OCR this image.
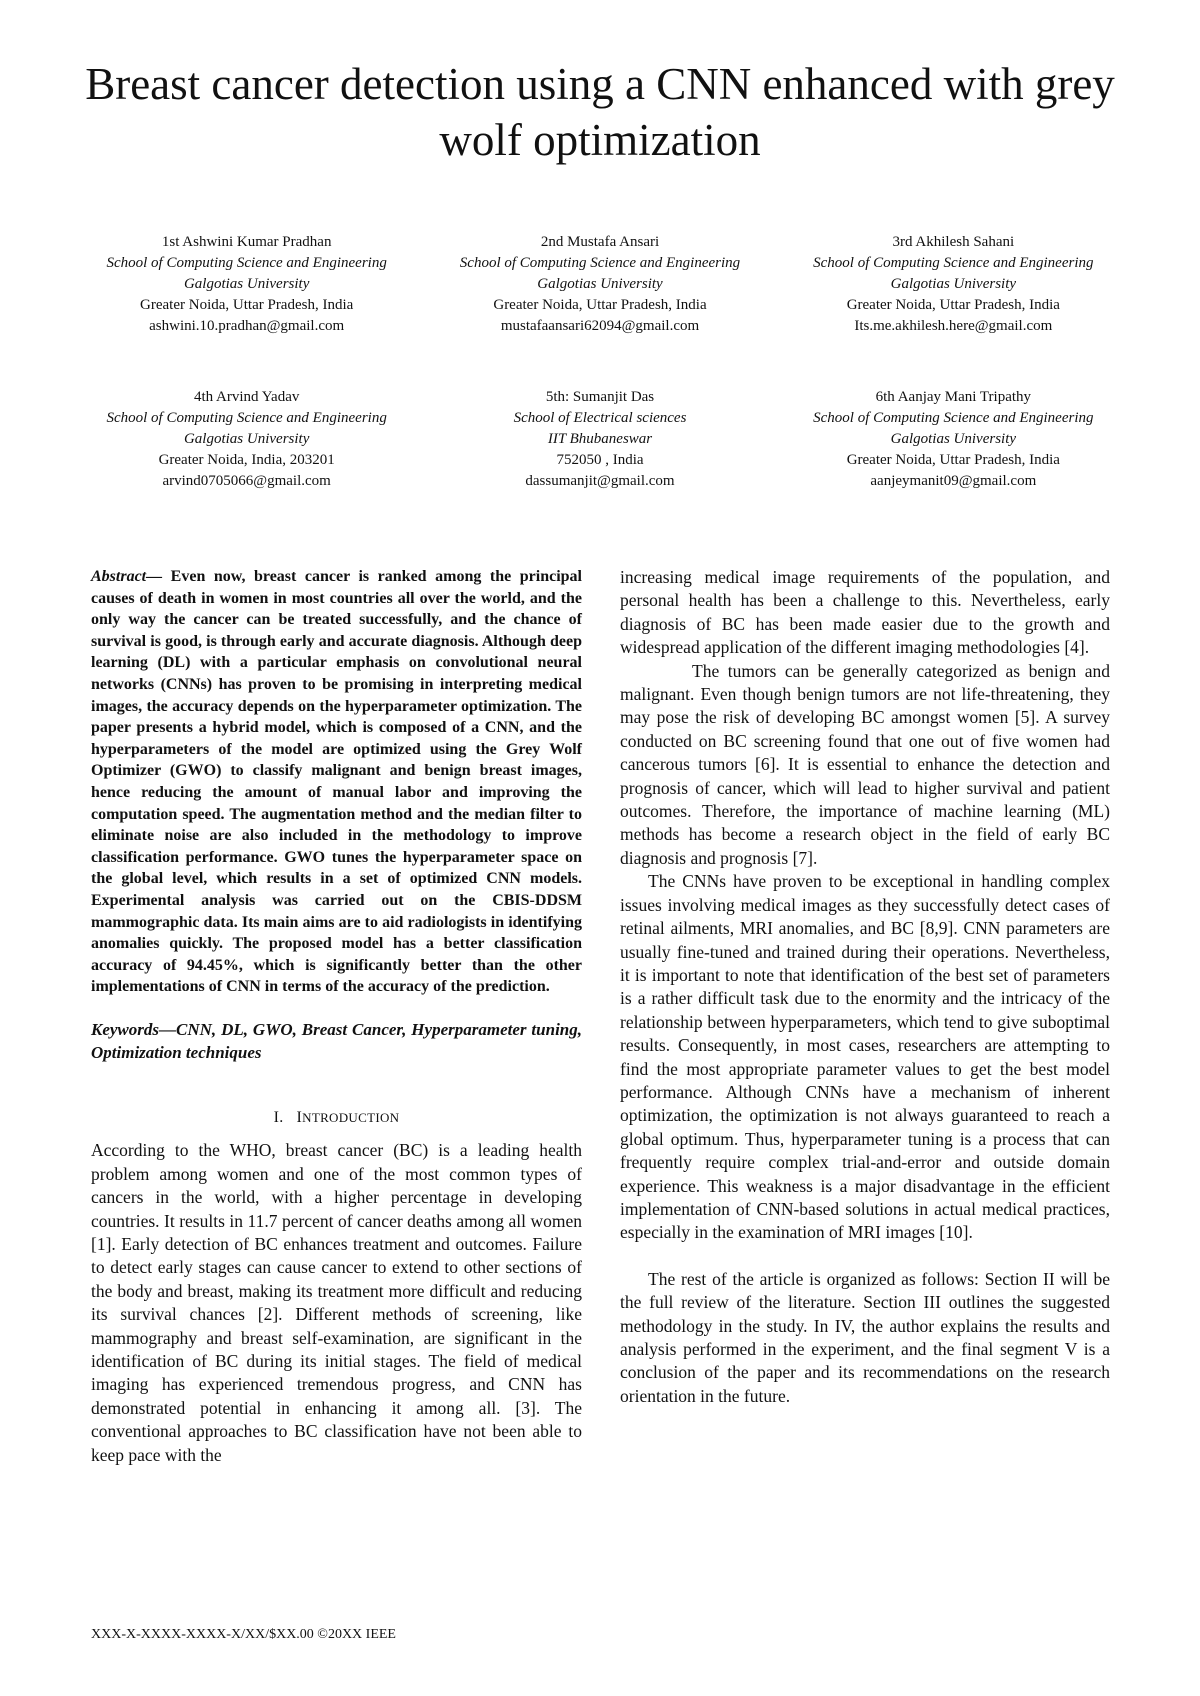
Breast cancer detection using a CNN enhanced with grey wolf optimization
1st Ashwini Kumar Pradhan
School of Computing Science and Engineering
Galgotias University
Greater Noida, Uttar Pradesh, India
ashwini.10.pradhan@gmail.com
2nd Mustafa Ansari
School of Computing Science and Engineering
Galgotias University
Greater Noida, Uttar Pradesh, India
mustafaansari62094@gmail.com
3rd Akhilesh Sahani
School of Computing Science and Engineering
Galgotias University
Greater Noida, Uttar Pradesh, India
Its.me.akhilesh.here@gmail.com
4th Arvind Yadav
School of Computing Science and Engineering
Galgotias University
Greater Noida, India, 203201
arvind0705066@gmail.com
5th: Sumanjit Das
School of Electrical sciences
IIT Bhubaneswar
752050 , India
dassumanjit@gmail.com
6th Aanjay Mani Tripathy
School of Computing Science and Engineering
Galgotias University
Greater Noida, Uttar Pradesh, India
aanjeymanit09@gmail.com

Abstract— Even now, breast cancer is ranked among the principal causes of death in women in most countries all over the world, and the only way the cancer can be treated successfully, and the chance of survival is good, is through early and accurate diagnosis. Although deep learning (DL) with a particular emphasis on convolutional neural networks (CNNs) has proven to be promising in interpreting medical images, the accuracy depends on the hyperparameter optimization. The paper presents a hybrid model, which is composed of a CNN, and the hyperparameters of the model are optimized using the Grey Wolf Optimizer (GWO) to classify malignant and benign breast images, hence reducing the amount of manual labor and improving the computation speed. The augmentation method and the median filter to eliminate noise are also included in the methodology to improve classification performance. GWO tunes the hyperparameter space on the global level, which results in a set of optimized CNN models. Experimental analysis was carried out on the CBIS-DDSM mammographic data. Its main aims are to aid radiologists in identifying anomalies quickly. The proposed model has a better classification accuracy of 94.45%, which is significantly better than the other implementations of CNN in terms of the accuracy of the prediction.

Keywords—CNN, DL, GWO, Breast Cancer, Hyperparameter tuning, Optimization techniques

I. INTRODUCTION

According to the WHO, breast cancer (BC) is a leading health problem among women and one of the most common types of cancers in the world, with a higher percentage in developing countries. It results in 11.7 percent of cancer deaths among all women [1]. Early detection of BC enhances treatment and outcomes. Failure to detect early stages can cause cancer to extend to other sections of the body and breast, making its treatment more difficult and reducing its survival chances [2]. Different methods of screening, like mammography and breast self-examination, are significant in the identification of BC during its initial stages. The field of medical imaging has experienced tremendous progress, and CNN has demonstrated potential in enhancing it among all. [3]. The conventional approaches to BC classification have not been able to keep pace with the

increasing medical image requirements of the population, and personal health has been a challenge to this. Nevertheless, early diagnosis of BC has been made easier due to the growth and widespread application of the different imaging methodologies [4].

The tumors can be generally categorized as benign and malignant. Even though benign tumors are not life-threatening, they may pose the risk of developing BC amongst women [5]. A survey conducted on BC screening found that one out of five women had cancerous tumors [6]. It is essential to enhance the detection and prognosis of cancer, which will lead to higher survival and patient outcomes. Therefore, the importance of machine learning (ML) methods has become a research object in the field of early BC diagnosis and prognosis [7].

The CNNs have proven to be exceptional in handling complex issues involving medical images as they successfully detect cases of retinal ailments, MRI anomalies, and BC [8,9]. CNN parameters are usually fine-tuned and trained during their operations. Nevertheless, it is important to note that identification of the best set of parameters is a rather difficult task due to the enormity and the intricacy of the relationship between hyperparameters, which tend to give suboptimal results. Consequently, in most cases, researchers are attempting to find the most appropriate parameter values to get the best model performance. Although CNNs have a mechanism of inherent optimization, the optimization is not always guaranteed to reach a global optimum. Thus, hyperparameter tuning is a process that can frequently require complex trial-and-error and outside domain experience. This weakness is a major disadvantage in the efficient implementation of CNN-based solutions in actual medical practices, especially in the examination of MRI images [10].

The rest of the article is organized as follows: Section II will be the full review of the literature. Section III outlines the suggested methodology in the study. In IV, the author explains the results and analysis performed in the experiment, and the final segment V is a conclusion of the paper and its recommendations on the research orientation in the future.

XXX-X-XXXX-XXXX-X/XX/$XX.00 ©20XX IEEE
